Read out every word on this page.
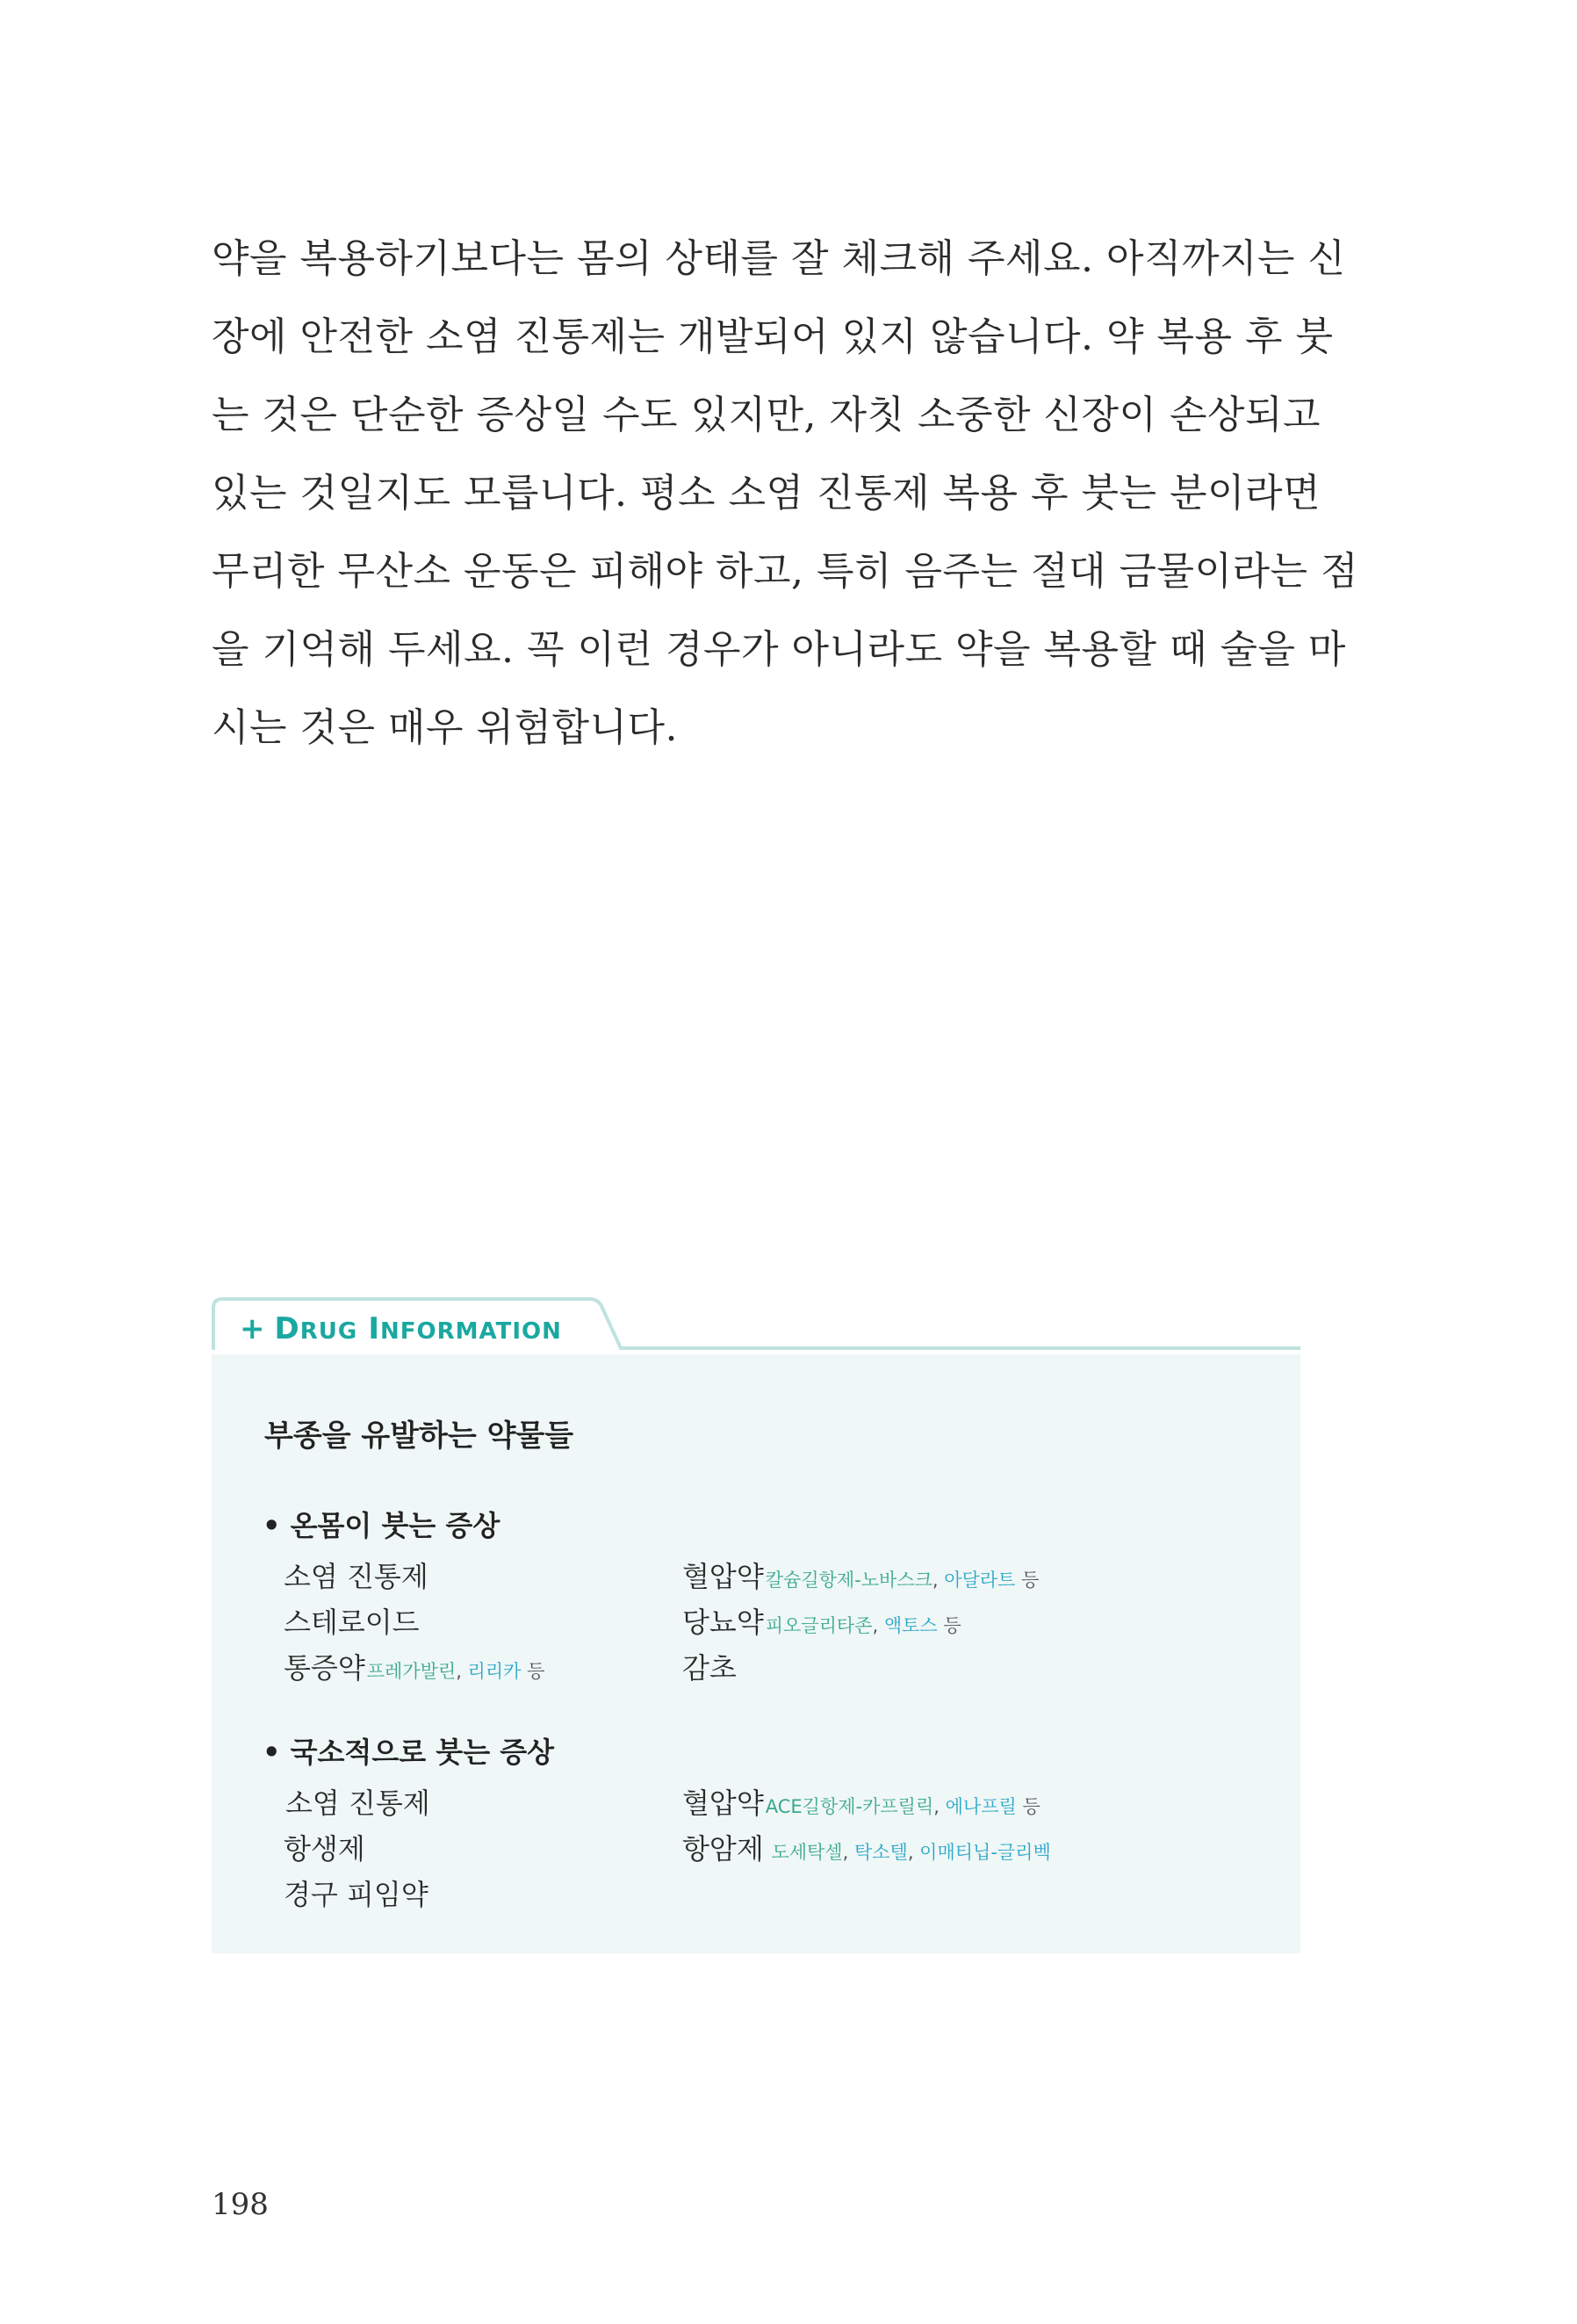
약을 복용하기보다는 몸의 상태를 잘 체크해 주세요. 아직까지는 신
장에 안전한 소염 진통제는 개발되어 있지 않습니다. 약 복용 후 붓
는 것은 단순한 증상일 수도 있지만, 자칫 소중한 신장이 손상되고
있는 것일지도 모릅니다. 평소 소염 진통제 복용 후 붓는 분이라면
무리한 무산소 운동은 피해야 하고, 특히 음주는 절대 금물이라는 점
을 기억해 두세요. 꼭 이런 경우가 아니라도 약을 복용할 때 술을 마
시는 것은 매우 위험합니다.
+ DRUG INFORMATION
부종을 유발하는 약물들
• 온몸이 붓는 증상
소염 진통제
스테로이드
통증약프레가발린, 리리카 등
혈압약칼슘길항제-노바스크, 아달라트 등
당뇨약피오글리타존, 액토스 등
감초
• 국소적으로 붓는 증상
소염 진통제
항생제
경구 피임약
혈압약ACE길항제-카프릴릭, 에나프릴 등
항암제 도세탁셀, 탁소텔, 이매티닙-글리벡
198
